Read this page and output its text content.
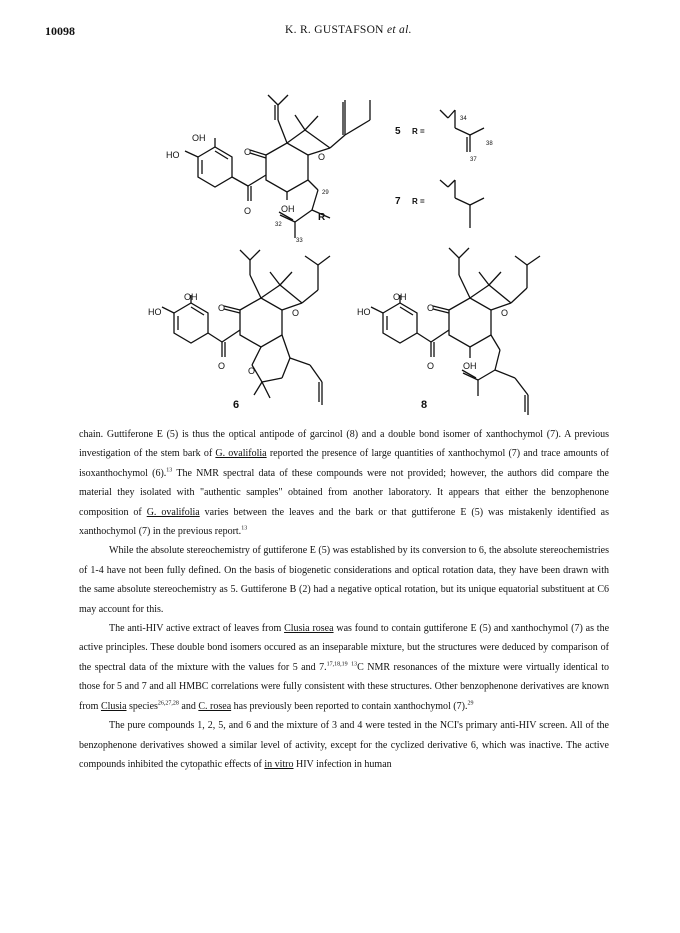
10098	K. R. GUSTAFSON et al.
OH
HO
O
O	O
OH
R
29
32
33
5 R =
34
38
37
7 R =
OH
HO
O
O	O
O
6
OH
HO
O
O	O
OH
8

chain. Guttiferone E (5) is thus the optical antipode of garcinol (8) and a double bond isomer of xanthochymol (7). A previous investigation of the stem bark of G. ovalifolia reported the presence of large quantities of xanthochymol (7) and trace amounts of isoxanthochymol (6).$^{13}$ The NMR spectral data of these compounds were not provided; however, the authors did compare the material they isolated with "authentic samples" obtained from another laboratory. It appears that either the benzophenone composition of G. ovalifolia varies between the leaves and the bark or that guttiferone E (5) was mistakenly identified as xanthochymol (7) in the previous report.$^{13}$

While the absolute stereochemistry of guttiferone E (5) was established by its conversion to 6, the absolute stereochemistries of 1-4 have not been fully defined. On the basis of biogenetic considerations and optical rotation data, they have been drawn with the same absolute stereochemistry as 5. Guttiferone B (2) had a negative optical rotation, but its unique equatorial substituent at C6 may account for this.

The anti-HIV active extract of leaves from Clusia rosea was found to contain guttiferone E (5) and xanthochymol (7) as the active principles. These double bond isomers occured as an inseparable mixture, but the structures were deduced by comparison of the spectral data of the mixture with the values for 5 and 7.$^{17,18,19}$ $^{13}$C NMR resonances of the mixture were virtually identical to those for 5 and 7 and all HMBC correlations were fully consistent with these structures. Other benzophenone derivatives are known from Clusia species$^{26,27,28}$ and C. rosea has previously been reported to contain xanthochymol (7).$^{29}$

The pure compounds 1, 2, 5, and 6 and the mixture of 3 and 4 were tested in the NCI's primary anti-HIV screen. All of the benzophenone derivatives showed a similar level of activity, except for the cyclized derivative 6, which was inactive. The active compounds inhibited the cytopathic effects of in vitro HIV infection in human
